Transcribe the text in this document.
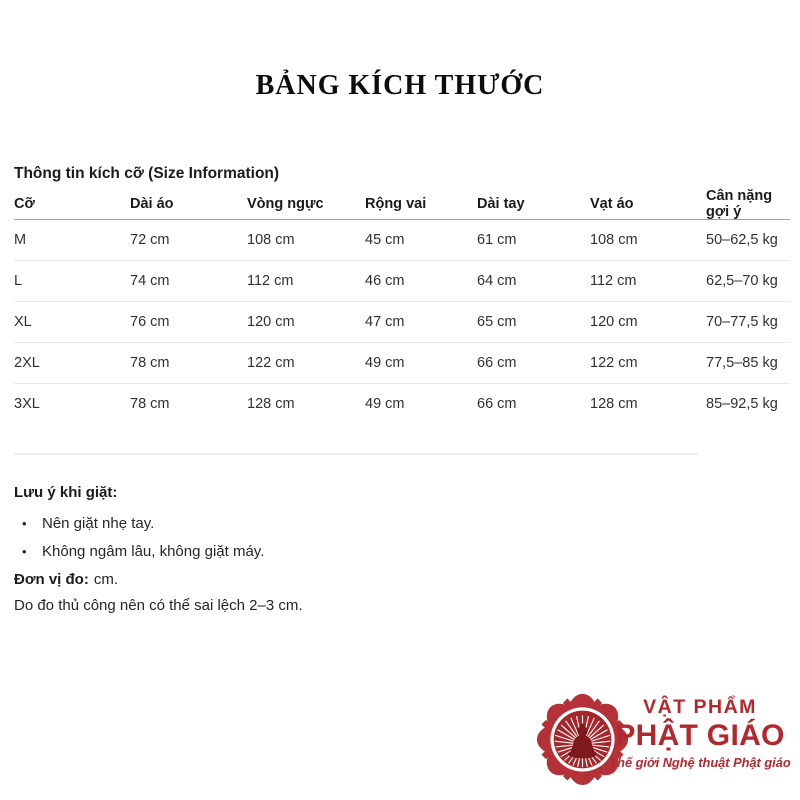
BẢNG KÍCH THƯỚC
Thông tin kích cỡ (Size Information)
Cỡ	Dài áo	Vòng ngực	Rộng vai	Dài tay	Vạt áo	Cân nặng gợi ý
M	72 cm	108 cm	45 cm	61 cm	108 cm	50–62,5 kg
L	74 cm	112 cm	46 cm	64 cm	112 cm	62,5–70 kg
XL	76 cm	120 cm	47 cm	65 cm	120 cm	70–77,5 kg
2XL	78 cm	122 cm	49 cm	66 cm	122 cm	77,5–85 kg
3XL	78 cm	128 cm	49 cm	66 cm	128 cm	85–92,5 kg
Lưu ý khi giặt:
•	Nên giặt nhẹ tay.
•	Không ngâm lâu, không giặt máy.
Đơn vị đo: cm.
Do đo thủ công nên có thể sai lệch 2–3 cm.
VẬT PHẨM
PHẬT GIÁO
Thế giới Nghệ thuật Phật giáo
